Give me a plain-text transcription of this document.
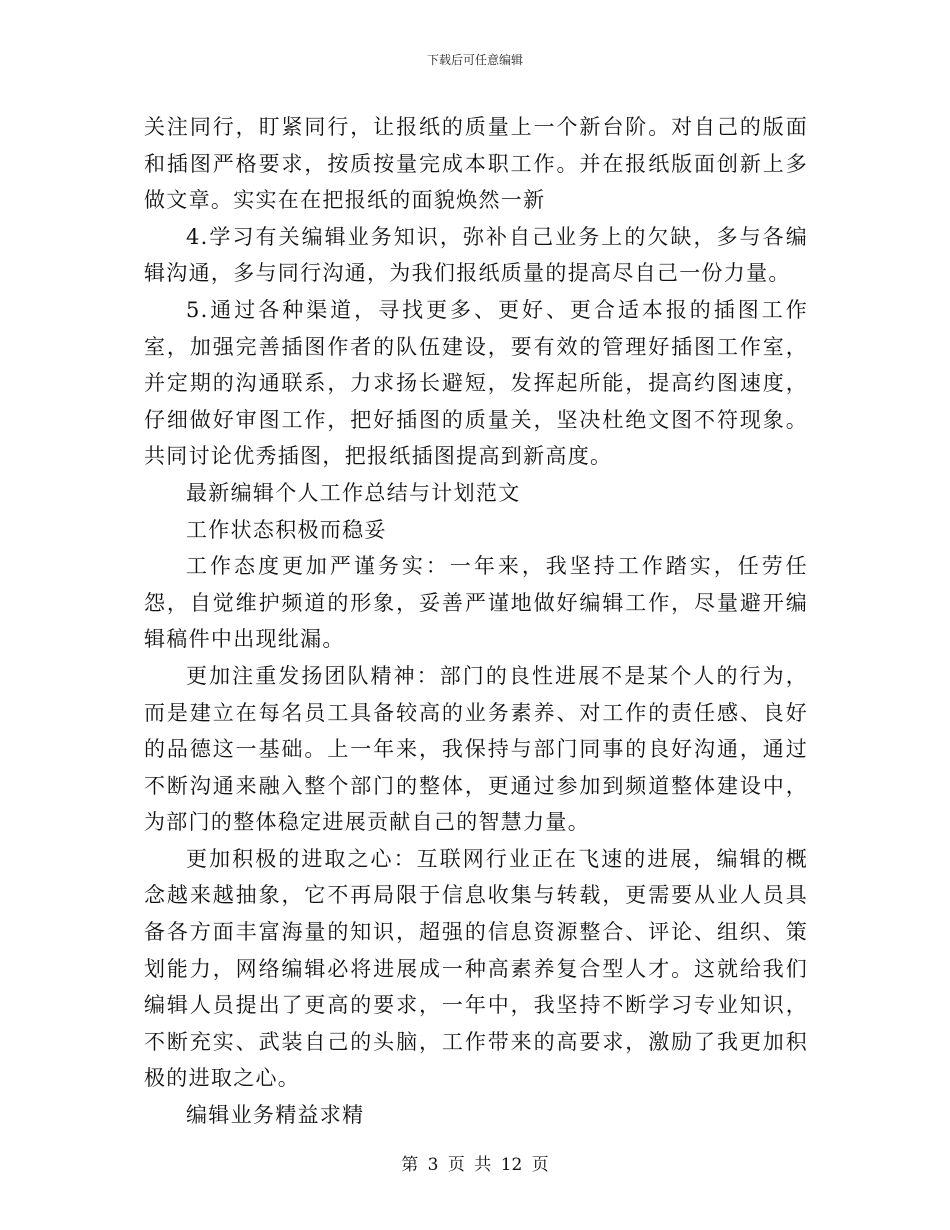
下载后可任意编辑

关注同行，盯紧同行，让报纸的质量上一个新台阶。对自己的版面和插图严格要求，按质按量完成本职工作。并在报纸版面创新上多做文章。实实在在把报纸的面貌焕然一新

4.学习有关编辑业务知识，弥补自己业务上的欠缺，多与各编辑沟通，多与同行沟通，为我们报纸质量的提高尽自己一份力量。

5.通过各种渠道，寻找更多、更好、更合适本报的插图工作室，加强完善插图作者的队伍建设，要有效的管理好插图工作室，并定期的沟通联系，力求扬长避短，发挥起所能，提高约图速度，仔细做好审图工作，把好插图的质量关，坚决杜绝文图不符现象。共同讨论优秀插图，把报纸插图提高到新高度。

最新编辑个人工作总结与计划范文

工作状态积极而稳妥

工作态度更加严谨务实：一年来，我坚持工作踏实，任劳任怨，自觉维护频道的形象，妥善严谨地做好编辑工作，尽量避开编辑稿件中出现纰漏。

更加注重发扬团队精神：部门的良性进展不是某个人的行为，而是建立在每名员工具备较高的业务素养、对工作的责任感、良好的品德这一基础。上一年来，我保持与部门同事的良好沟通，通过不断沟通来融入整个部门的整体，更通过参加到频道整体建设中，为部门的整体稳定进展贡献自己的智慧力量。

更加积极的进取之心：互联网行业正在飞速的进展，编辑的概念越来越抽象，它不再局限于信息收集与转载，更需要从业人员具备各方面丰富海量的知识，超强的信息资源整合、评论、组织、策划能力，网络编辑必将进展成一种高素养复合型人才。这就给我们编辑人员提出了更高的要求，一年中，我坚持不断学习专业知识，不断充实、武装自己的头脑，工作带来的高要求，激励了我更加积极的进取之心。

编辑业务精益求精

第 3 页 共 12 页
